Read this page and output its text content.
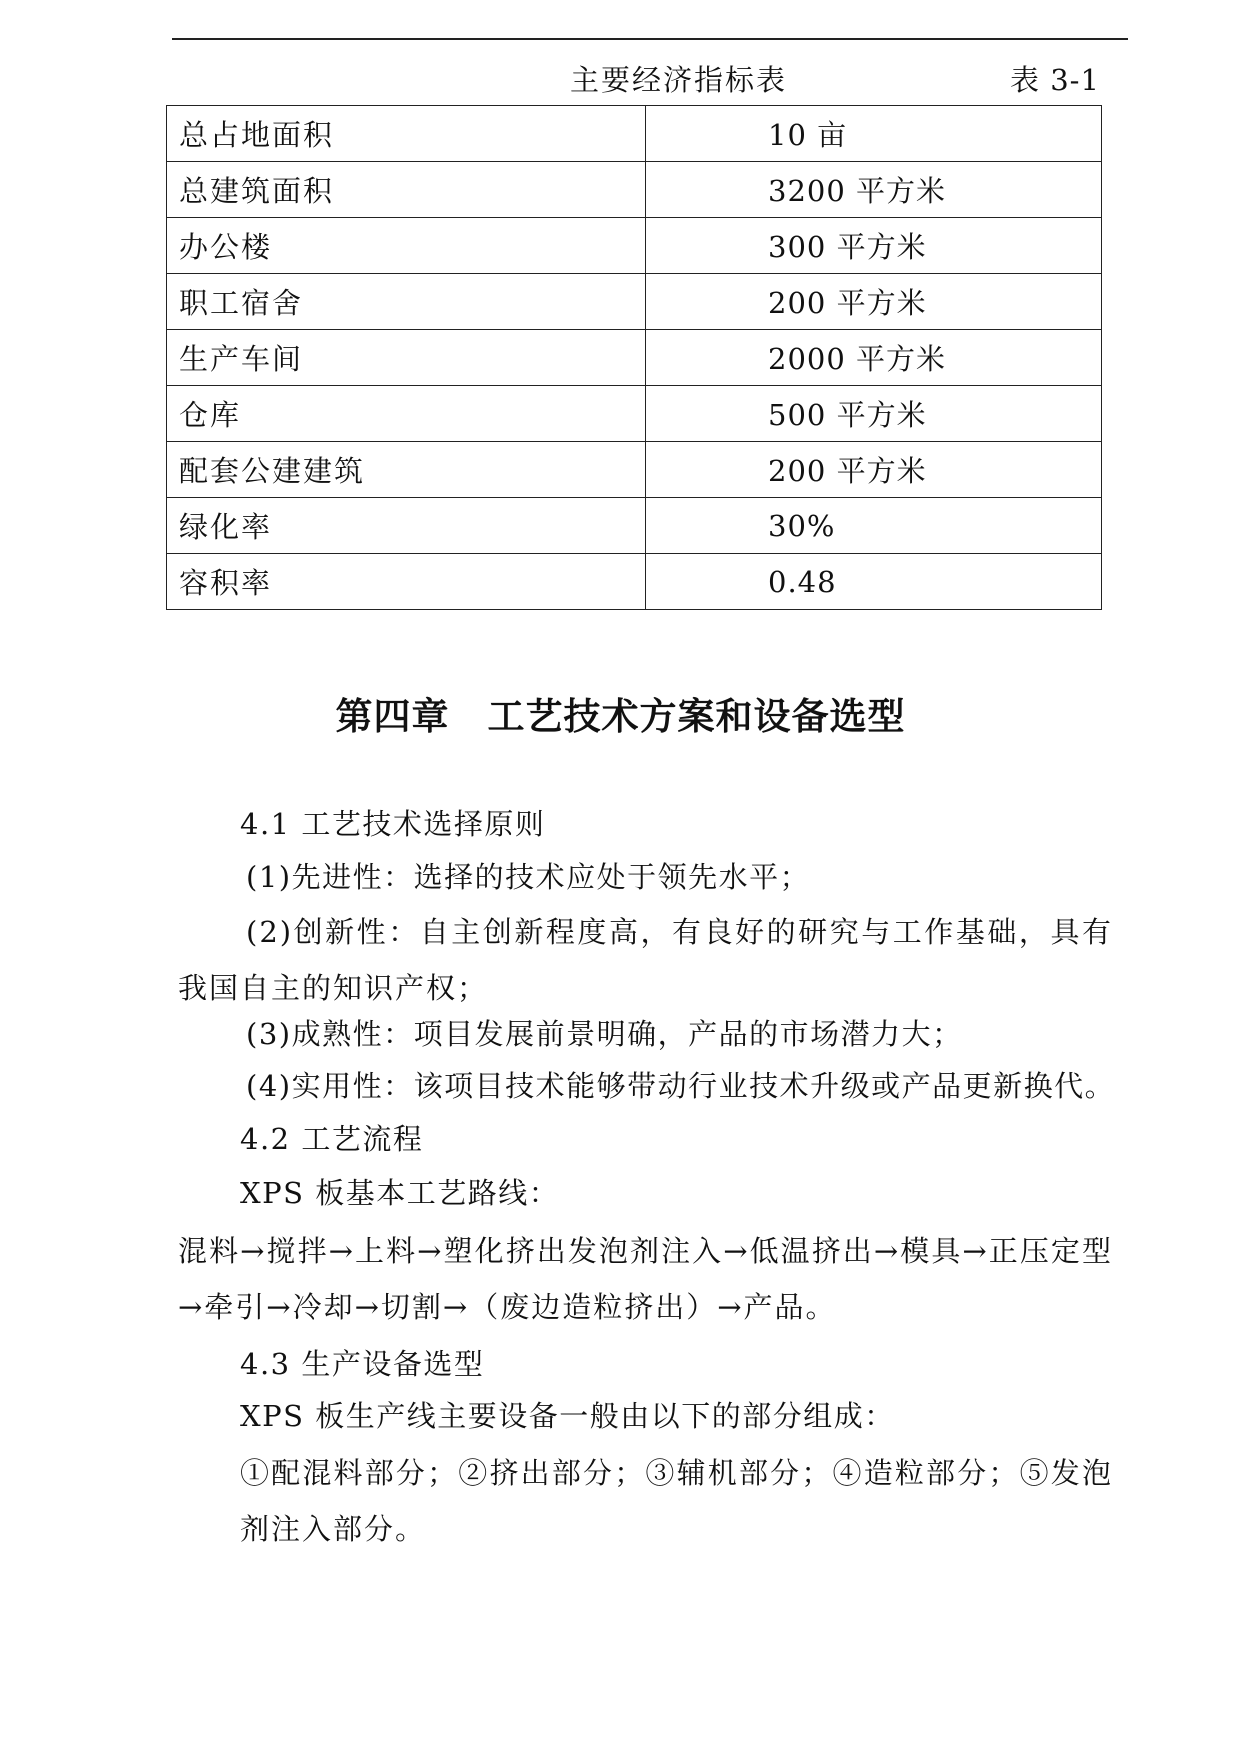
主要经济指标表	表 3-1
总占地面积	10 亩
总建筑面积	3200 平方米
办公楼	300 平方米
职工宿舍	200 平方米
生产车间	2000 平方米
仓库	500 平方米
配套公建建筑	200 平方米
绿化率	30%
容积率	0.48
第四章　工艺技术方案和设备选型
4.1 工艺技术选择原则
(1)先进性：选择的技术应处于领先水平；
(2)创新性：自主创新程度高，有良好的研究与工作基础，具有我国自主的知识产权；
(3)成熟性：项目发展前景明确，产品的市场潜力大；
(4)实用性：该项目技术能够带动行业技术升级或产品更新换代。
4.2 工艺流程
XPS 板基本工艺路线：
混料→搅拌→上料→塑化挤出发泡剂注入→低温挤出→模具→正压定型→牵引→冷却→切割→（废边造粒挤出）→产品。
4.3 生产设备选型
XPS 板生产线主要设备一般由以下的部分组成：
①配混料部分；②挤出部分；③辅机部分；④造粒部分；⑤发泡剂注入部分。
